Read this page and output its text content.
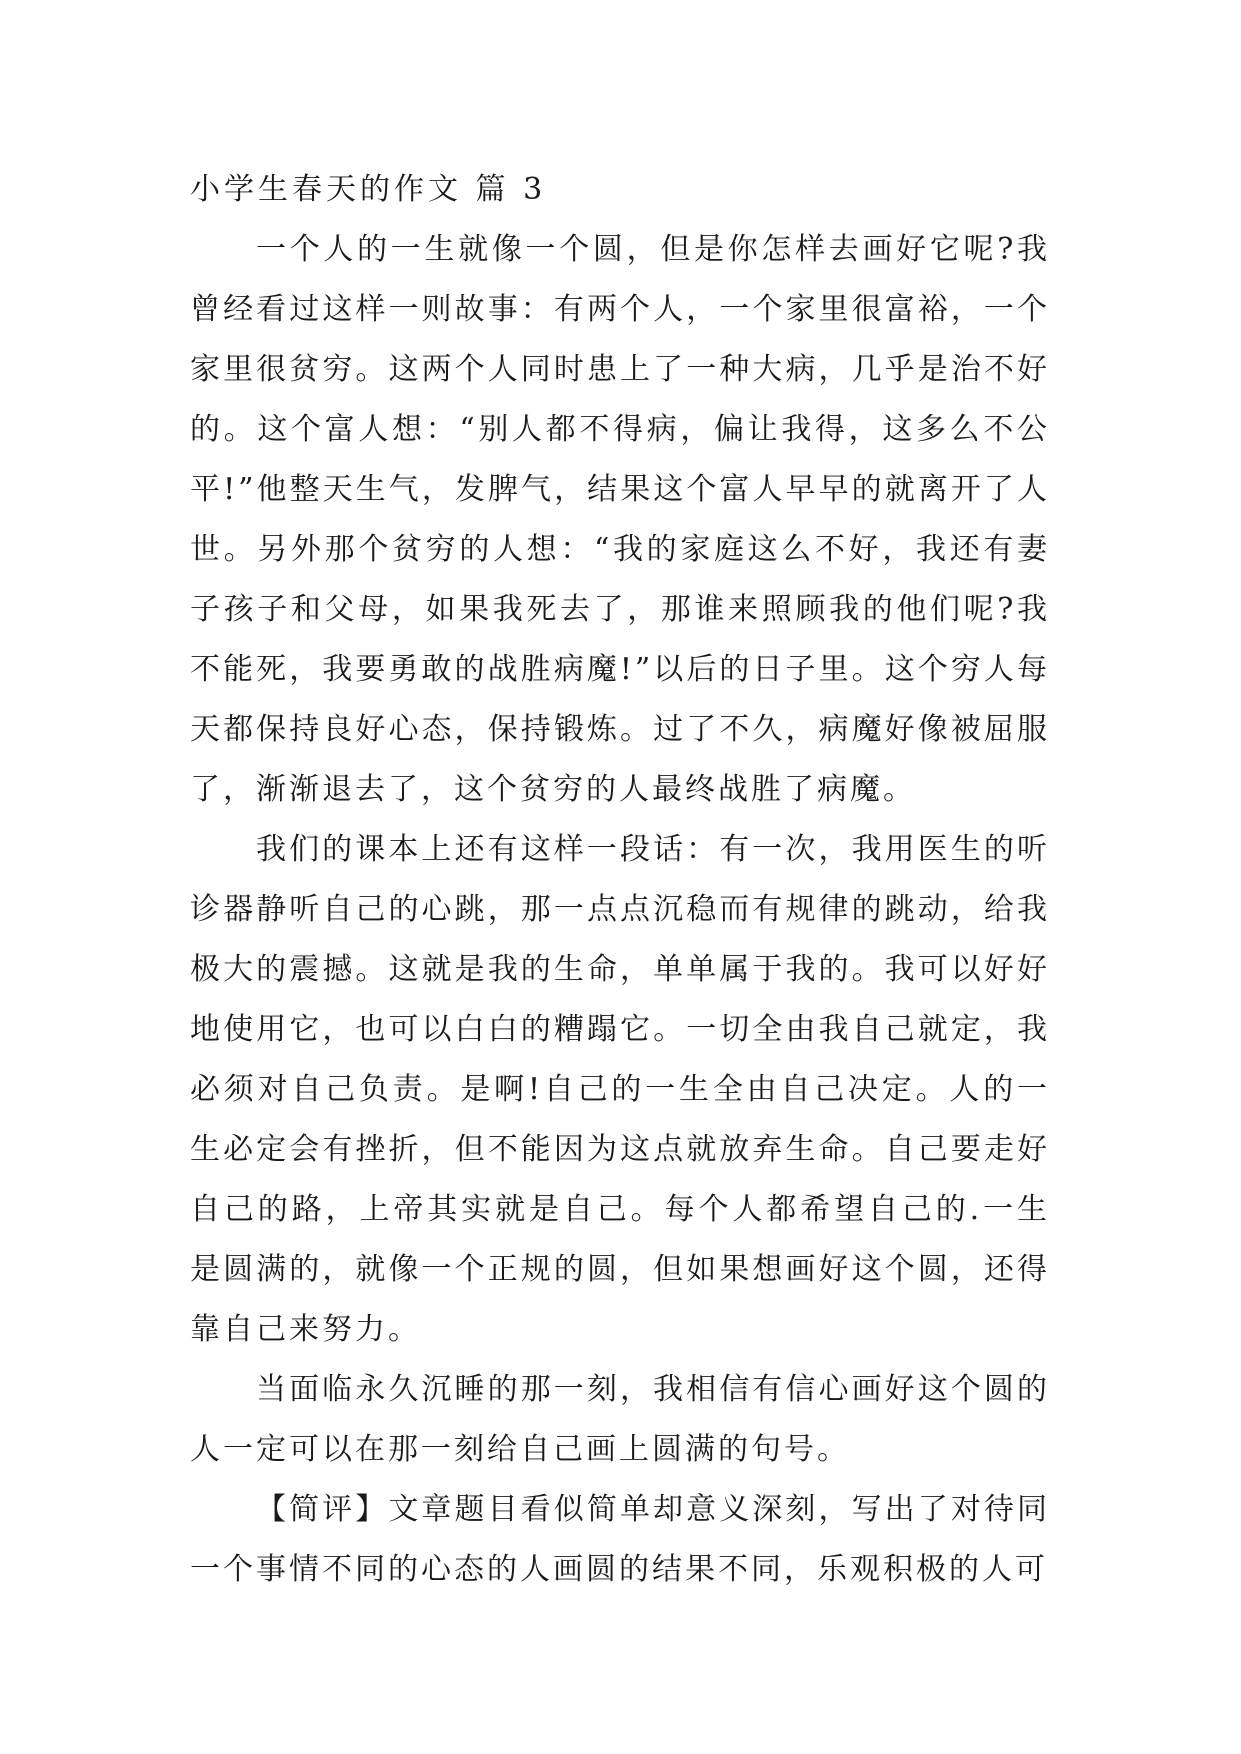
小学生春天的作文 篇 3

一个人的一生就像一个圆，但是你怎样去画好它呢?我曾经看过这样一则故事：有两个人，一个家里很富裕，一个家里很贫穷。这两个人同时患上了一种大病，几乎是治不好的。这个富人想：“别人都不得病，偏让我得，这多么不公平!”他整天生气，发脾气，结果这个富人早早的就离开了人世。另外那个贫穷的人想：“我的家庭这么不好，我还有妻子孩子和父母，如果我死去了，那谁来照顾我的他们呢?我不能死，我要勇敢的战胜病魔!”以后的日子里。这个穷人每天都保持良好心态，保持锻炼。过了不久，病魔好像被屈服了，渐渐退去了，这个贫穷的人最终战胜了病魔。

我们的课本上还有这样一段话：有一次，我用医生的听诊器静听自己的心跳，那一点点沉稳而有规律的跳动，给我极大的震撼。这就是我的生命，单单属于我的。我可以好好地使用它，也可以白白的糟蹋它。一切全由我自己就定，我必须对自己负责。是啊!自己的一生全由自己决定。人的一生必定会有挫折，但不能因为这点就放弃生命。自己要走好自己的路，上帝其实就是自己。每个人都希望自己的.一生是圆满的，就像一个正规的圆，但如果想画好这个圆，还得靠自己来努力。

当面临永久沉睡的那一刻，我相信有信心画好这个圆的人一定可以在那一刻给自己画上圆满的句号。

【简评】文章题目看似简单却意义深刻，写出了对待同一个事情不同的心态的人画圆的结果不同，乐观积极的人可
